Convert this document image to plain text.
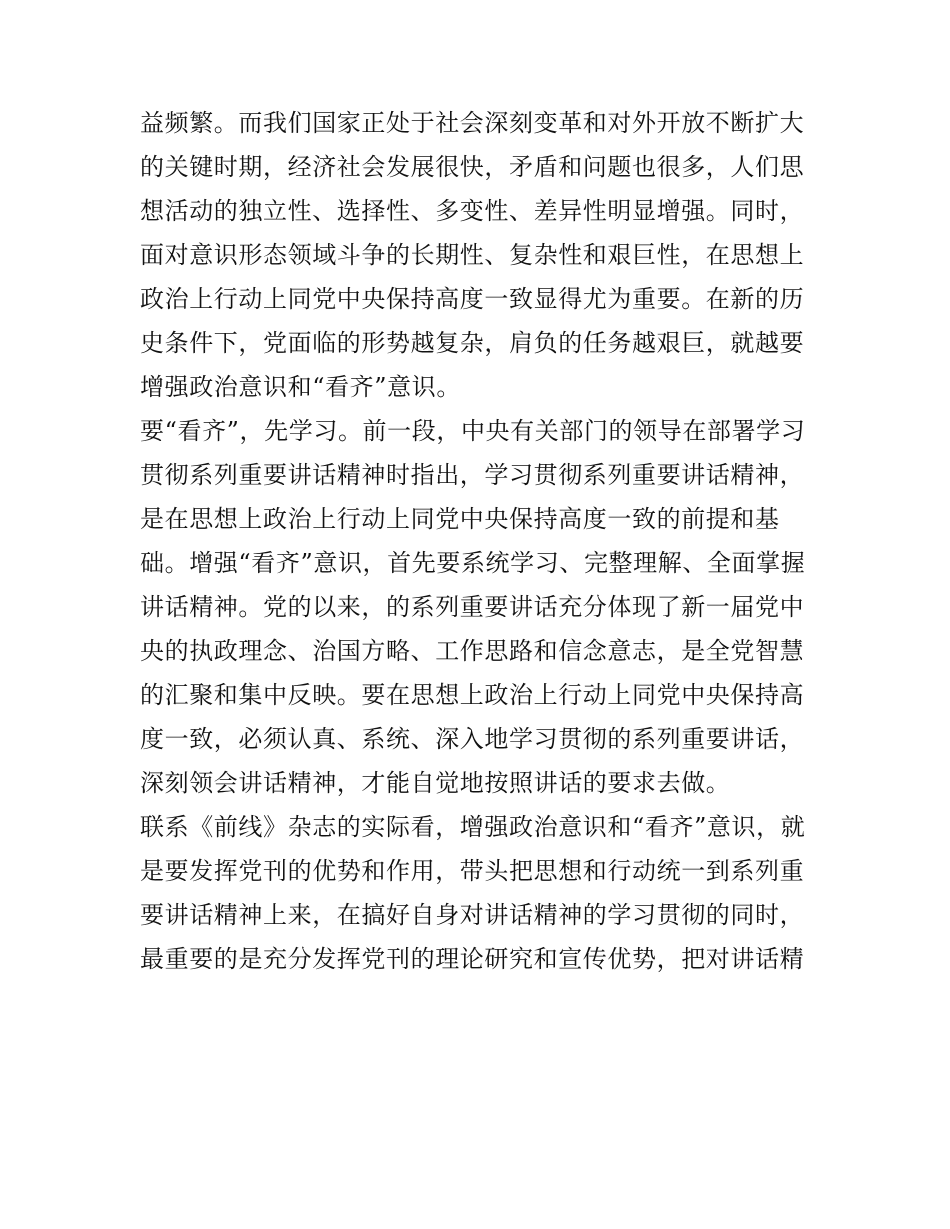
益频繁。而我们国家正处于社会深刻变革和对外开放不断扩大
的关键时期，经济社会发展很快，矛盾和问题也很多，人们思
想活动的独立性、选择性、多变性、差异性明显增强。同时，
面对意识形态领域斗争的长期性、复杂性和艰巨性，在思想上
政治上行动上同党中央保持高度一致显得尤为重要。在新的历
史条件下，党面临的形势越复杂，肩负的任务越艰巨，就越要
增强政治意识和“看齐”意识。
要“看齐”，先学习。前一段，中央有关部门的领导在部署学习
贯彻系列重要讲话精神时指出，学习贯彻系列重要讲话精神，
是在思想上政治上行动上同党中央保持高度一致的前提和基
础。增强“看齐”意识，首先要系统学习、完整理解、全面掌握
讲话精神。党的以来，的系列重要讲话充分体现了新一届党中
央的执政理念、治国方略、工作思路和信念意志，是全党智慧
的汇聚和集中反映。要在思想上政治上行动上同党中央保持高
度一致，必须认真、系统、深入地学习贯彻的系列重要讲话，
深刻领会讲话精神，才能自觉地按照讲话的要求去做。
联系《前线》杂志的实际看，增强政治意识和“看齐”意识，就
是要发挥党刊的优势和作用，带头把思想和行动统一到系列重
要讲话精神上来，在搞好自身对讲话精神的学习贯彻的同时，
最重要的是充分发挥党刊的理论研究和宣传优势，把对讲话精
